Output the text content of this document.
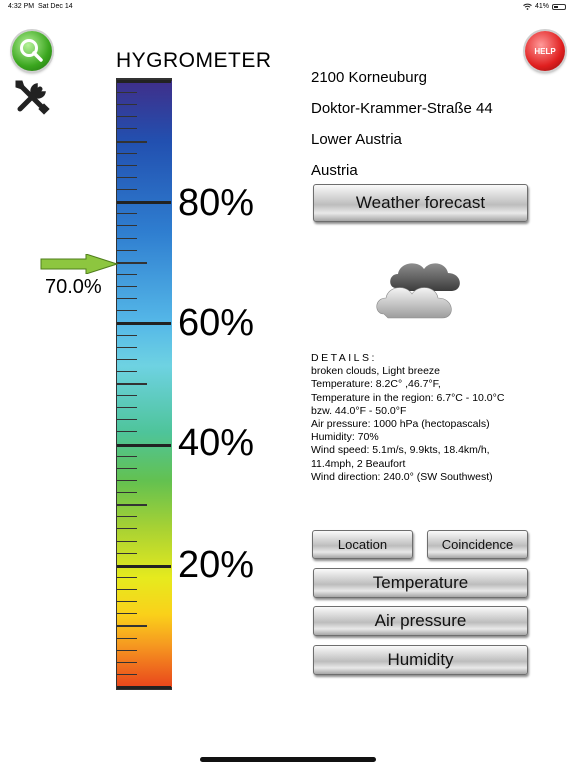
4:32 PM Sat Dec 14	41%
HELP
HYGROMETER
80%
60%
40%
20%
70.0%
2100 Korneuburg
Doktor-Krammer-Straße 44
Lower Austria
Austria
Weather forecast
DETAILS:
broken clouds, Light breeze
Temperature: 8.2C° ,46.7°F,
Temperature in the region: 6.7°C - 10.0°C
bzw. 44.0°F - 50.0°F
Air pressure: 1000 hPa (hectopascals)
Humidity: 70%
Wind speed: 5.1m/s, 9.9kts, 18.4km/h,
11.4mph, 2 Beaufort
Wind direction: 240.0° (SW Southwest)
Location	Coincidence
Temperature
Air pressure
Humidity
